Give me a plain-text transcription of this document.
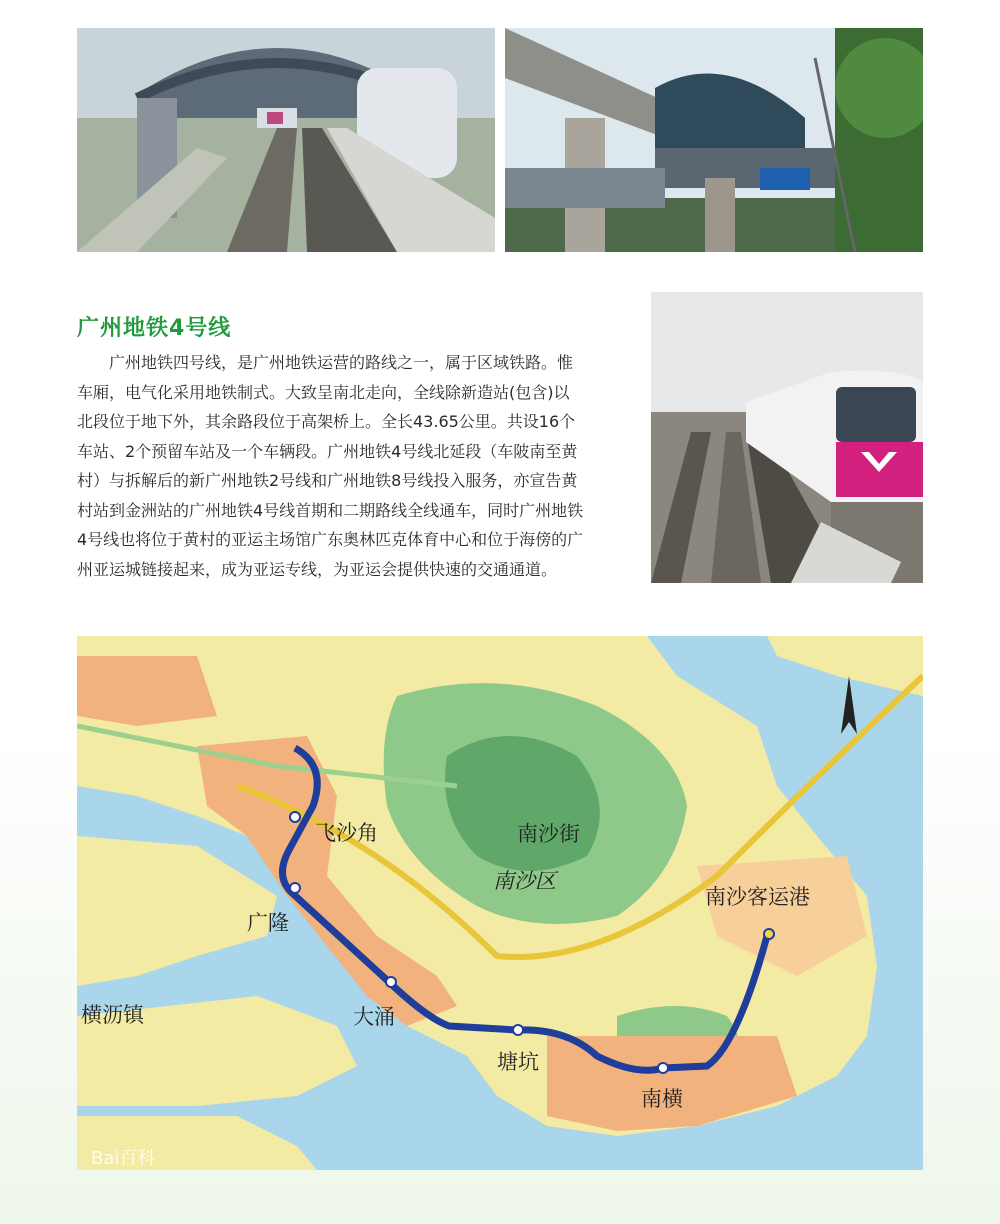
广州地铁4号线
广州地铁四号线，是广州地铁运营的路线之一，属于区域铁路。惟
车厢，电气化采用地铁制式。大致呈南北走向，全线除新造站(包含)以
北段位于地下外，其余路段位于高架桥上。全长43.65公里。共设16个
车站、2个预留车站及一个车辆段。广州地铁4号线北延段（车陂南至黄
村）与拆解后的新广州地铁2号线和广州地铁8号线投入服务，亦宣告黄
村站到金洲站的广州地铁4号线首期和二期路线全线通车，同时广州地铁
4号线也将位于黄村的亚运主场馆广东奥林匹克体育中心和位于海傍的广
州亚运城链接起来，成为亚运专线，为亚运会提供快速的交通通道。
飞沙角
广隆
大涌
塘坑
南横
南沙客运港
南沙街
南沙区
横沥镇
Bai百科
